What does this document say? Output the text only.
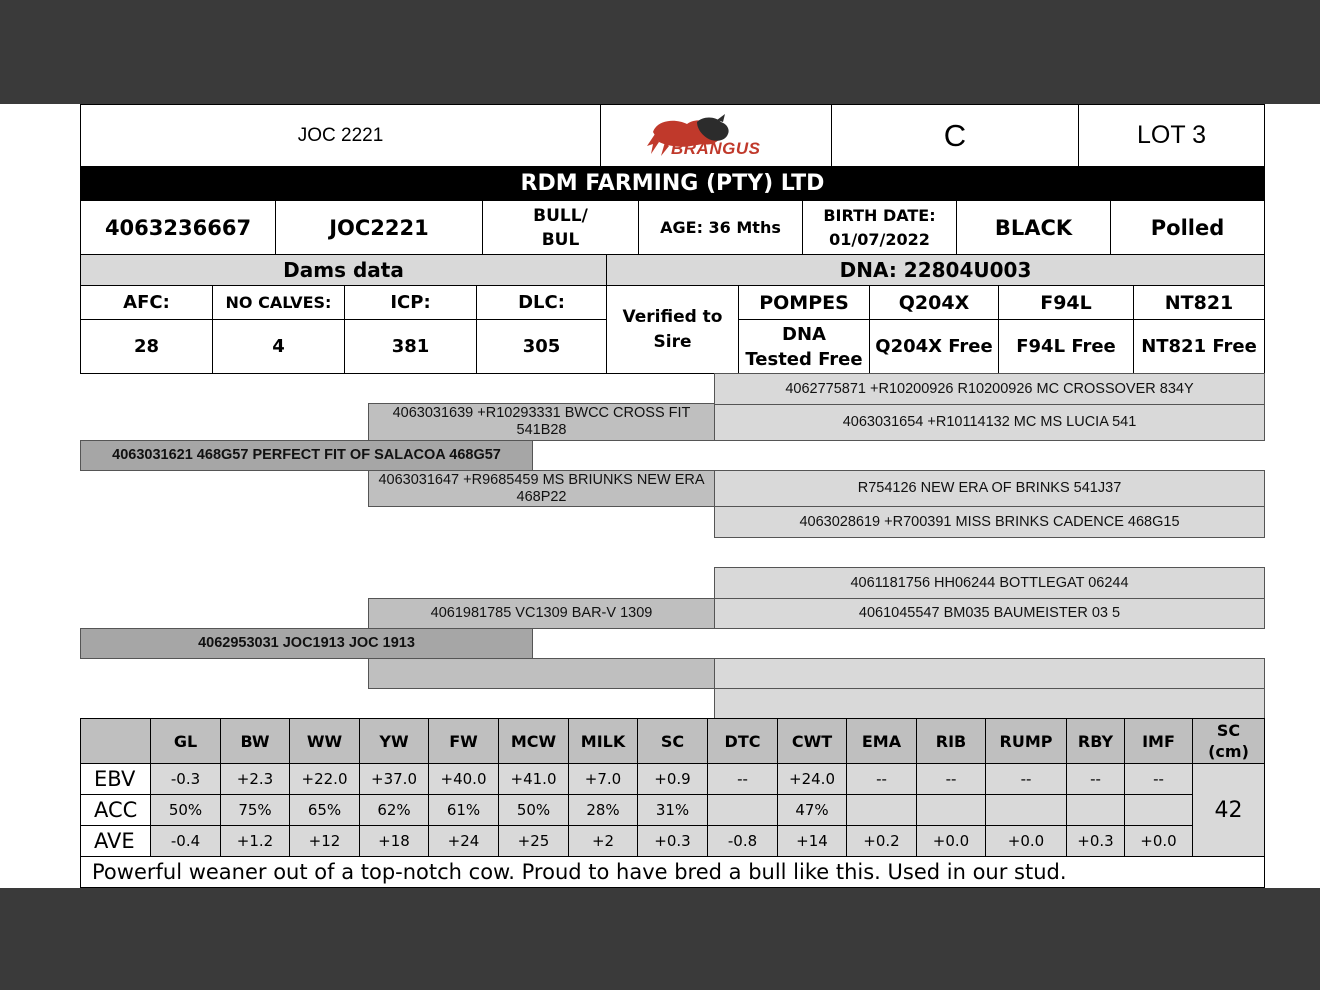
JOC 2221
BRANGUS	C	LOT 3
RDM FARMING (PTY) LTD
4063236667	JOC2221	BULL/
BUL
AGE: 36 Mths
BIRTH DATE:
01/07/2022	BLACK	Polled
Dams data	DNA: 22804U003
AFC:	NO CALVES:	ICP:	DLC:
28	4	381	305
Verified to
Sire
POMPES	Q204X	F94L	NT821
DNA
Tested Free
Q204X Free F94L Free NT821 Free
4062775871 +R10200926 R10200926 MC CROSSOVER 834Y
4063031639 +R10293331 BWCC CROSS FIT 541B28	4063031654 +R10114132 MC MS LUCIA 541
4063031621 468G57 PERFECT FIT OF SALACOA 468G57
4063031647 +R9685459 MS BRIUNKS NEW ERA 468P22
R754126 NEW ERA OF BRINKS 541J37
4063028619 +R700391 MISS BRINKS CADENCE 468G15
4061181756 HH06244 BOTTLEGAT 06244
4061981785 VC1309 BAR-V 1309	4061045547 BM035 BAUMEISTER 03 5
4062953031 JOC1913 JOC 1913
	GL	BW	WW	YW	FW	MCW	MILK	SC	DTC	CWT	EMA	RIB	RUMP	RBY	IMF	SC
(cm)
EBV	-0.3	+2.3	+22.0	+37.0	+40.0	+41.0	+7.0	+0.9	--	+24.0	--	--	--	--	--	42
ACC	50%	75%	65%	62%	61%	50%	28%	31%		47%						
AVE	-0.4	+1.2	+12	+18	+24	+25	+2	+0.3	-0.8	+14	+0.2	+0.0	+0.0	+0.3	+0.0	
Powerful weaner out of a top-notch cow. Proud to have bred a bull like this. Used in our stud.
